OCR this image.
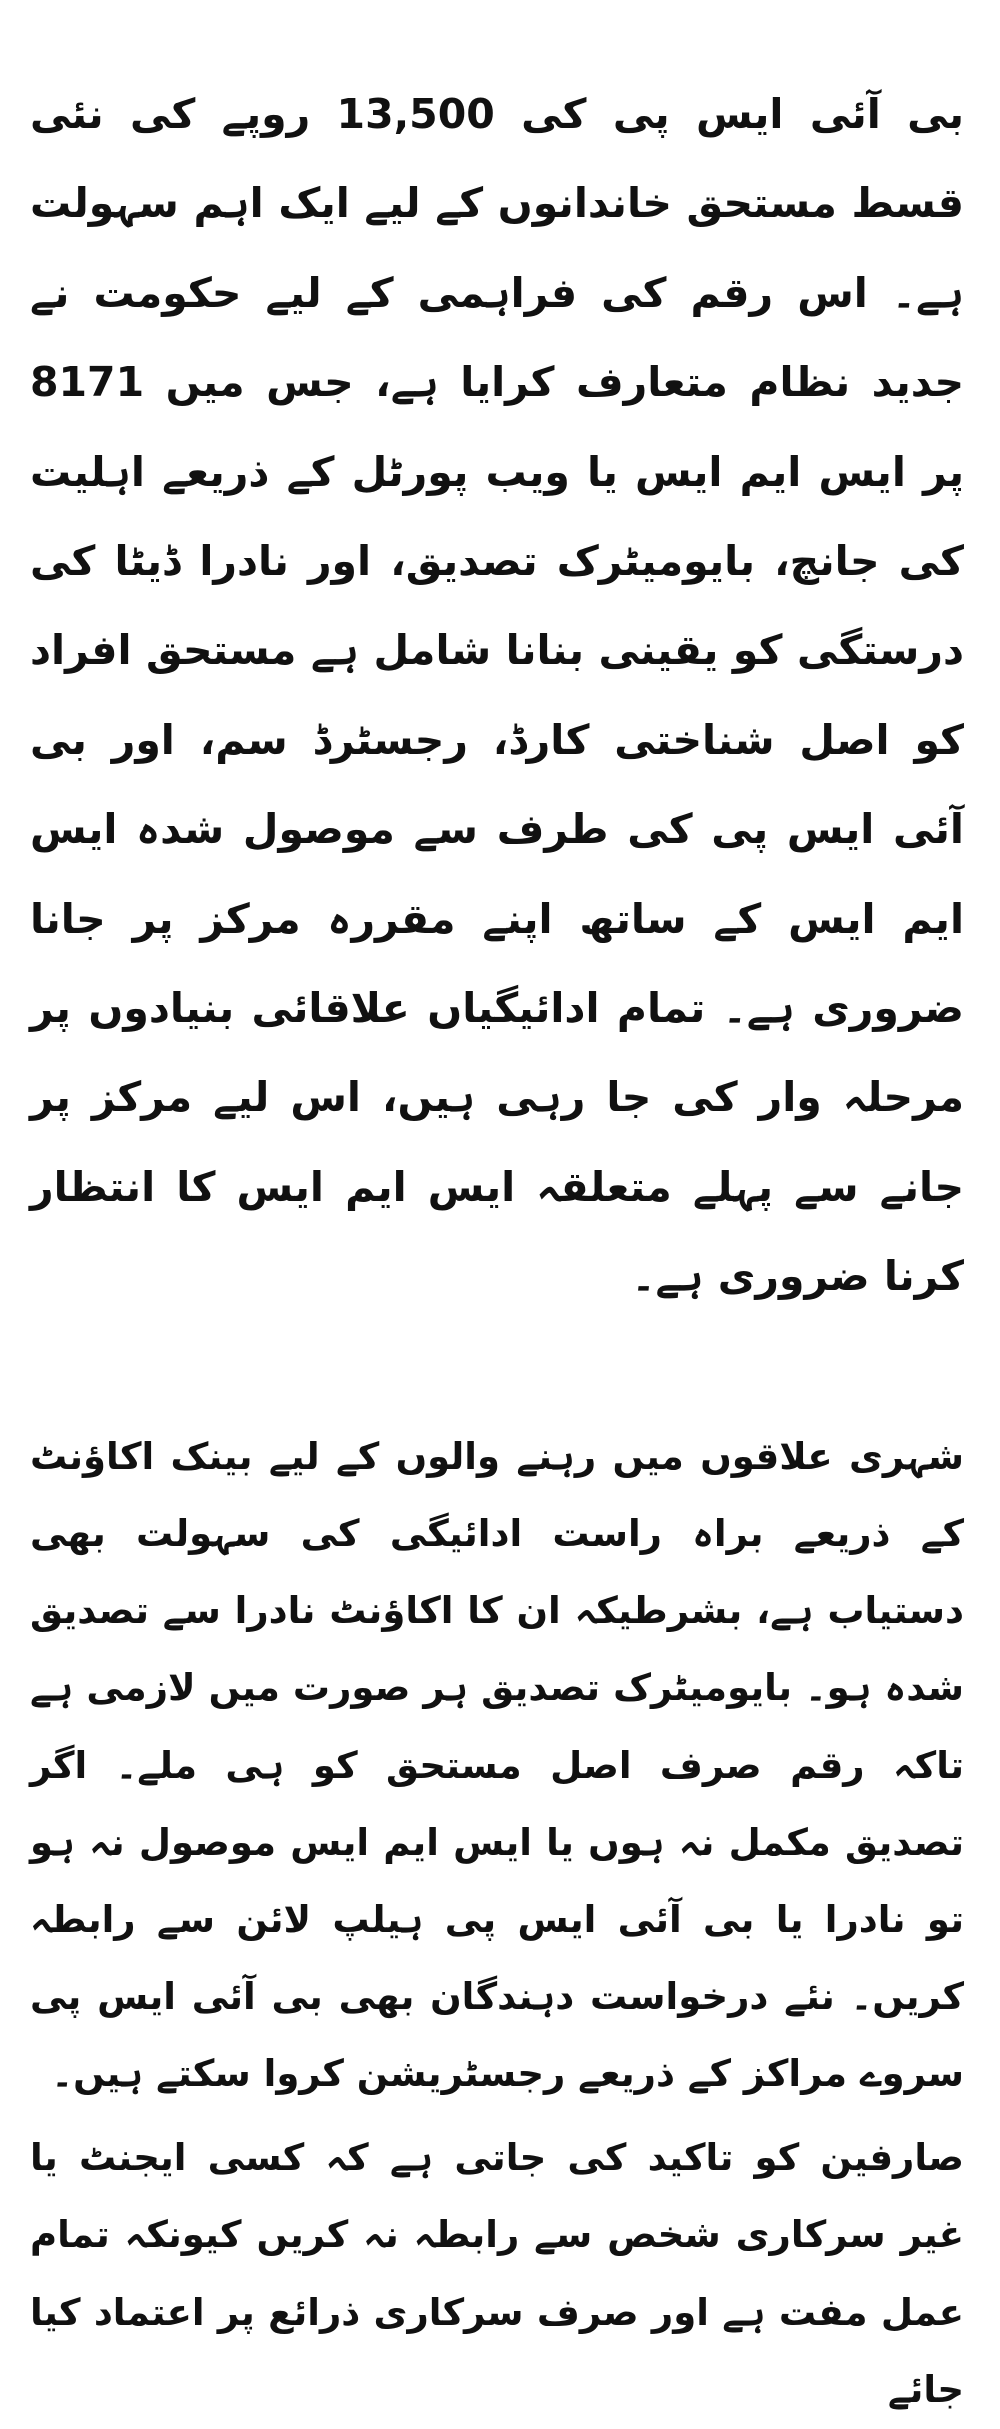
بی آئی ایس پی کی 13,500 روپے کی نئی قسط مستحق خاندانوں کے لیے ایک اہم سہولت ہے۔ اس رقم کی فراہمی کے لیے حکومت نے جدید نظام متعارف کرایا ہے، جس میں 8171 پر ایس ایم ایس یا ویب پورٹل کے ذریعے اہلیت کی جانچ، بایومیٹرک تصدیق، اور نادرا ڈیٹا کی درستگی کو یقینی بنانا شامل ہے مستحق افراد کو اصل شناختی کارڈ، رجسٹرڈ سم، اور بی آئی ایس پی کی طرف سے موصول شدہ ایس ایم ایس کے ساتھ اپنے مقررہ مرکز پر جانا ضروری ہے۔ تمام ادائیگیاں علاقائی بنیادوں پر مرحلہ وار کی جا رہی ہیں، اس لیے مرکز پر جانے سے پہلے متعلقہ ایس ایم ایس کا انتظار کرنا ضروری ہے۔

شہری علاقوں میں رہنے والوں کے لیے بینک اکاؤنٹ کے ذریعے براہ راست ادائیگی کی سہولت بھی دستیاب ہے، بشرطیکہ ان کا اکاؤنٹ نادرا سے تصدیق شدہ ہو۔ بایومیٹرک تصدیق ہر صورت میں لازمی ہے تاکہ رقم صرف اصل مستحق کو ہی ملے۔ اگر تصدیق مکمل نہ ہوں یا ایس ایم ایس موصول نہ ہو تو نادرا یا بی آئی ایس پی ہیلپ لائن سے رابطہ کریں۔ نئے درخواست دہندگان بھی بی آئی ایس پی سروے مراکز کے ذریعے رجسٹریشن کروا سکتے ہیں۔

صارفین کو تاکید کی جاتی ہے کہ کسی ایجنٹ یا غیر سرکاری شخص سے رابطہ نہ کریں کیونکہ تمام عمل مفت ہے اور صرف سرکاری ذرائع پر اعتماد کیا جائے
